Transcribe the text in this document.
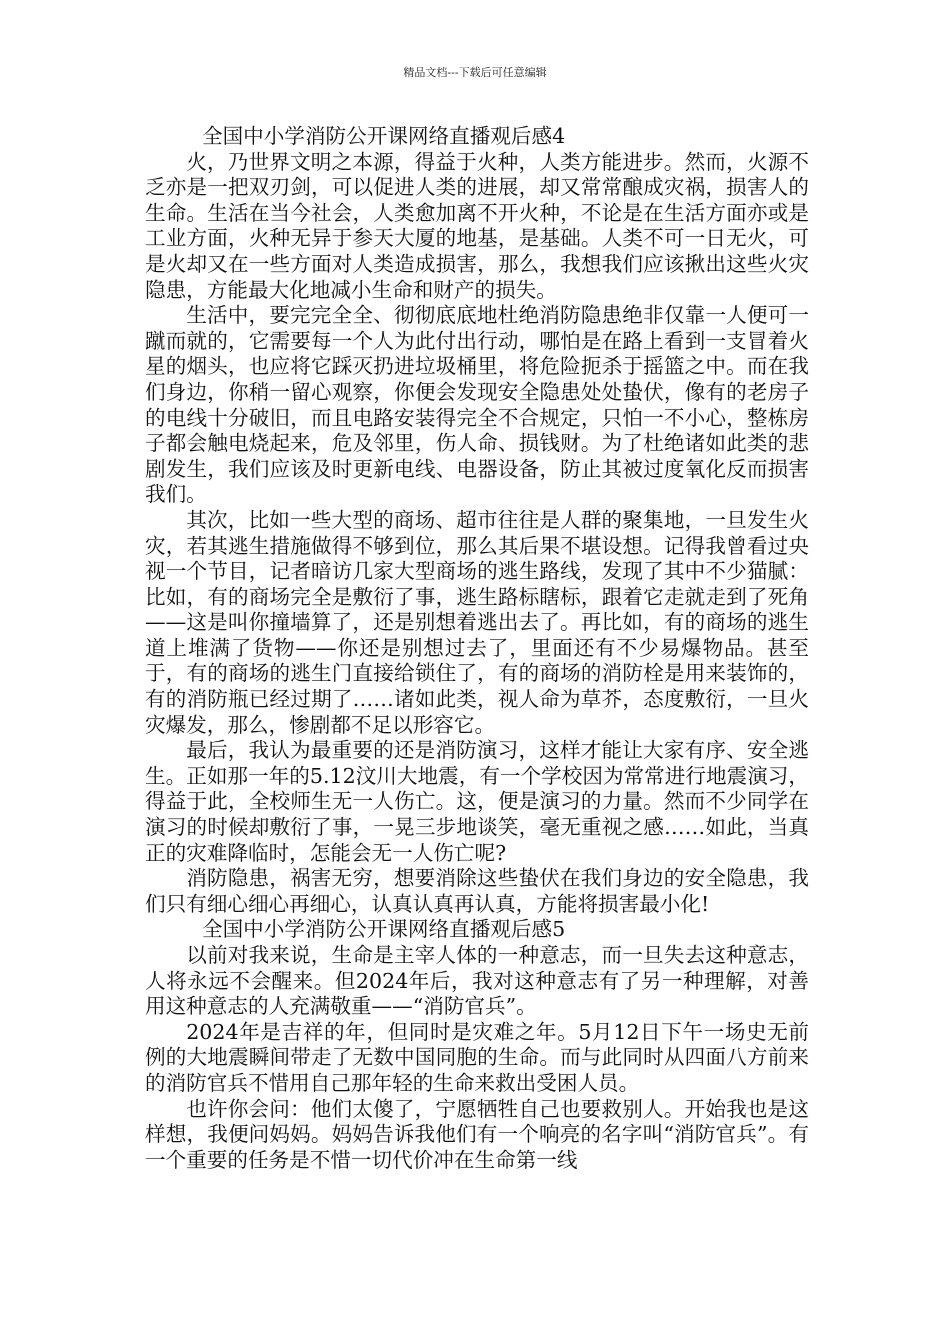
精品文档---下载后可任意编辑
全国中小学消防公开课网络直播观后感4

火，乃世界文明之本源，得益于火种，人类方能进步。然而，火源不乏亦是一把双刃剑，可以促进人类的进展，却又常常酿成灾祸，损害人的生命。生活在当今社会，人类愈加离不开火种，不论是在生活方面亦或是工业方面，火种无异于参天大厦的地基，是基础。人类不可一日无火，可是火却又在一些方面对人类造成损害，那么，我想我们应该揪出这些火灾隐患，方能最大化地减小生命和财产的损失。

生活中，要完完全全、彻彻底底地杜绝消防隐患绝非仅靠一人便可一蹴而就的，它需要每一个人为此付出行动，哪怕是在路上看到一支冒着火星的烟头，也应将它踩灭扔进垃圾桶里，将危险扼杀于摇篮之中。而在我们身边，你稍一留心观察，你便会发现安全隐患处处蛰伏，像有的老房子的电线十分破旧，而且电路安装得完全不合规定，只怕一不小心，整栋房子都会触电烧起来，危及邻里，伤人命、损钱财。为了杜绝诸如此类的悲剧发生，我们应该及时更新电线、电器设备，防止其被过度氧化反而损害我们。

其次，比如一些大型的商场、超市往往是人群的聚集地，一旦发生火灾，若其逃生措施做得不够到位，那么其后果不堪设想。记得我曾看过央视一个节目，记者暗访几家大型商场的逃生路线，发现了其中不少猫腻：比如，有的商场完全是敷衍了事，逃生路标瞎标，跟着它走就走到了死角——这是叫你撞墙算了，还是别想着逃出去了。再比如，有的商场的逃生道上堆满了货物——你还是别想过去了，里面还有不少易爆物品。甚至于，有的商场的逃生门直接给锁住了，有的商场的消防栓是用来装饰的，有的消防瓶已经过期了……诸如此类，视人命为草芥，态度敷衍，一旦火灾爆发，那么，惨剧都不足以形容它。

最后，我认为最重要的还是消防演习，这样才能让大家有序、安全逃生。正如那一年的5.12汶川大地震，有一个学校因为常常进行地震演习，得益于此，全校师生无一人伤亡。这，便是演习的力量。然而不少同学在演习的时候却敷衍了事，一晃三步地谈笑，毫无重视之感……如此，当真正的灾难降临时，怎能会无一人伤亡呢?

消防隐患，祸害无穷，想要消除这些蛰伏在我们身边的安全隐患，我们只有细心细心再细心，认真认真再认真，方能将损害最小化!

全国中小学消防公开课网络直播观后感5

以前对我来说，生命是主宰人体的一种意志，而一旦失去这种意志，人将永远不会醒来。但2024年后，我对这种意志有了另一种理解，对善用这种意志的人充满敬重——“消防官兵”。

2024年是吉祥的年，但同时是灾难之年。5月12日下午一场史无前例的大地震瞬间带走了无数中国同胞的生命。而与此同时从四面八方前来的消防官兵不惜用自己那年轻的生命来救出受困人员。

也许你会问：他们太傻了，宁愿牺牲自己也要救别人。开始我也是这样想，我便问妈妈。妈妈告诉我他们有一个响亮的名字叫“消防官兵”。有一个重要的任务是不惜一切代价冲在生命第一线
